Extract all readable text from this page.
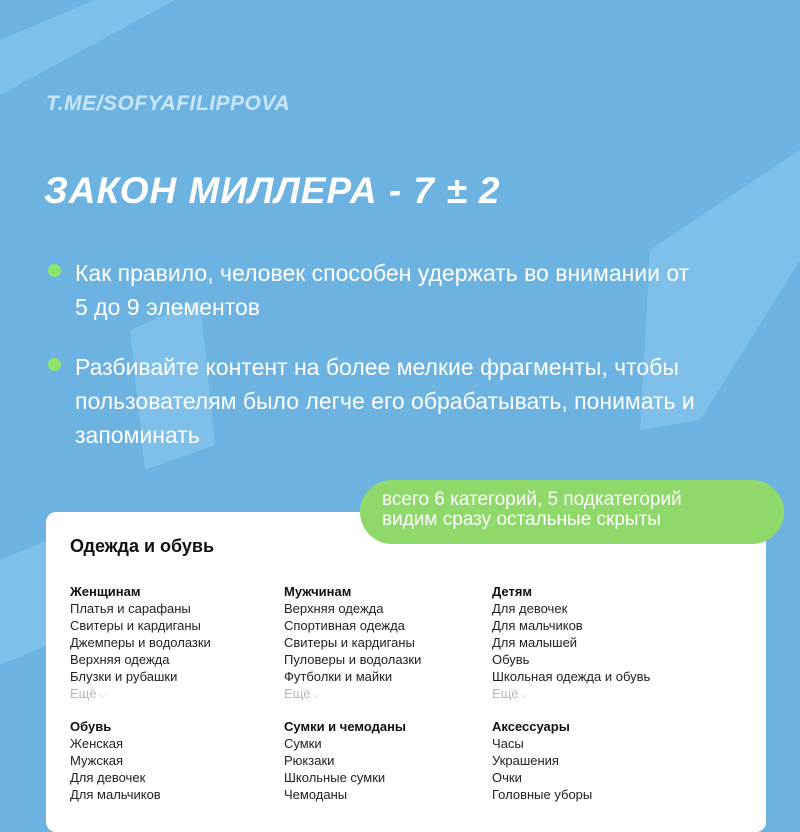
T.ME/SOFYAFILIPPOVA

ЗАКОН МИЛЛЕРА - 7 ± 2

Как правило, человек способен удержать во внимании от 5 до 9 элементов

Разбивайте контент на более мелкие фрагменты, чтобы пользователям было легче его обрабатывать, понимать и запоминать

Одежда и обувь

Женщинам

Платья и сарафаны

Свитеры и кардиганы

Джемперы и водолазки

Верхняя одежда

Блузки и рубашки

Ещё ⌵

Мужчинам

Верхняя одежда

Спортивная одежда

Свитеры и кардиганы

Пуловеры и водолазки

Футболки и майки

Ещё ⌵

Детям

Для девочек

Для мальчиков

Для малышей

Обувь

Школьная одежда и обувь

Ещё ⌵

Обувь

Женская

Мужская

Для девочек

Для мальчиков

Сумки и чемоданы

Сумки

Рюкзаки

Школьные сумки

Чемоданы

Аксессуары

Часы

Украшения

Очки

Головные уборы

всего 6 категорий, 5 подкатегорий

видим сразу остальные скрыты
